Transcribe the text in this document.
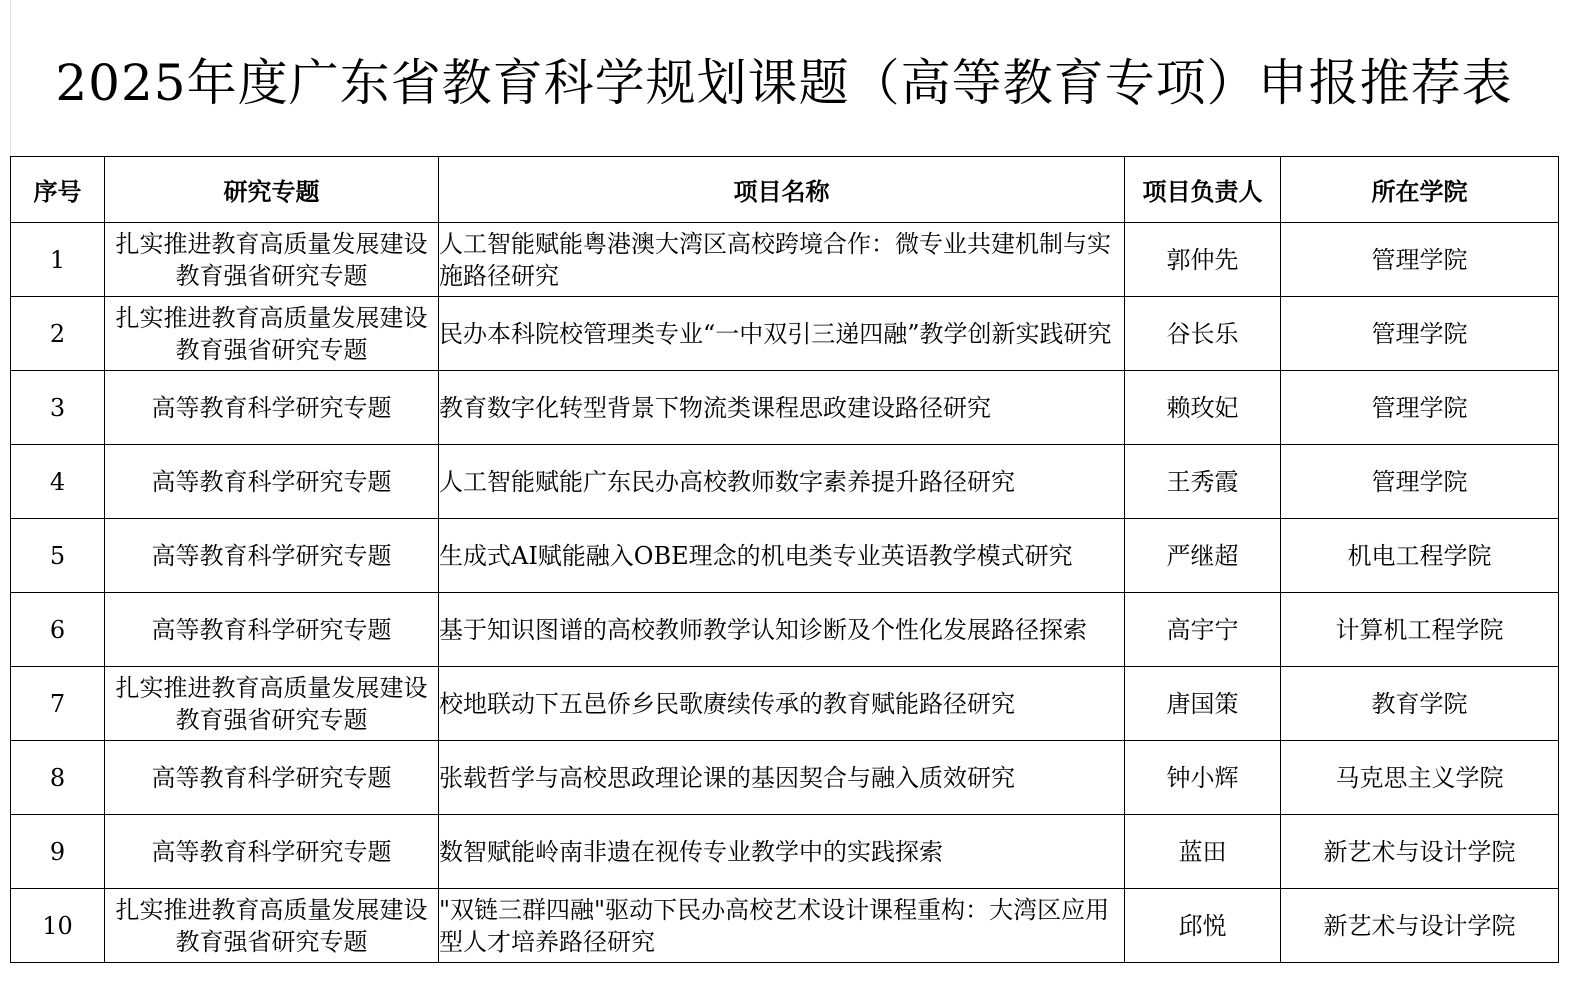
2025年度广东省教育科学规划课题（高等教育专项）申报推荐表
序号	研究专题	项目名称	项目负责人	所在学院
1	扎实推进教育高质量发展建设教育强省研究专题	人工智能赋能粤港澳大湾区高校跨境合作：微专业共建机制与实施路径研究	郭仲先	管理学院
2	扎实推进教育高质量发展建设教育强省研究专题	民办本科院校管理类专业“一中双引三递四融”教学创新实践研究	谷长乐	管理学院
3	高等教育科学研究专题	教育数字化转型背景下物流类课程思政建设路径研究	赖玫妃	管理学院
4	高等教育科学研究专题	人工智能赋能广东民办高校教师数字素养提升路径研究	王秀霞	管理学院
5	高等教育科学研究专题	生成式AI赋能融入OBE理念的机电类专业英语教学模式研究	严继超	机电工程学院
6	高等教育科学研究专题	基于知识图谱的高校教师教学认知诊断及个性化发展路径探索	高宇宁	计算机工程学院
7	扎实推进教育高质量发展建设教育强省研究专题	校地联动下五邑侨乡民歌赓续传承的教育赋能路径研究	唐国策	教育学院
8	高等教育科学研究专题	张载哲学与高校思政理论课的基因契合与融入质效研究	钟小辉	马克思主义学院
9	高等教育科学研究专题	数智赋能岭南非遗在视传专业教学中的实践探索	蓝田	新艺术与设计学院
10	扎实推进教育高质量发展建设教育强省研究专题	"双链三群四融"驱动下民办高校艺术设计课程重构：大湾区应用型人才培养路径研究	邱悦	新艺术与设计学院
